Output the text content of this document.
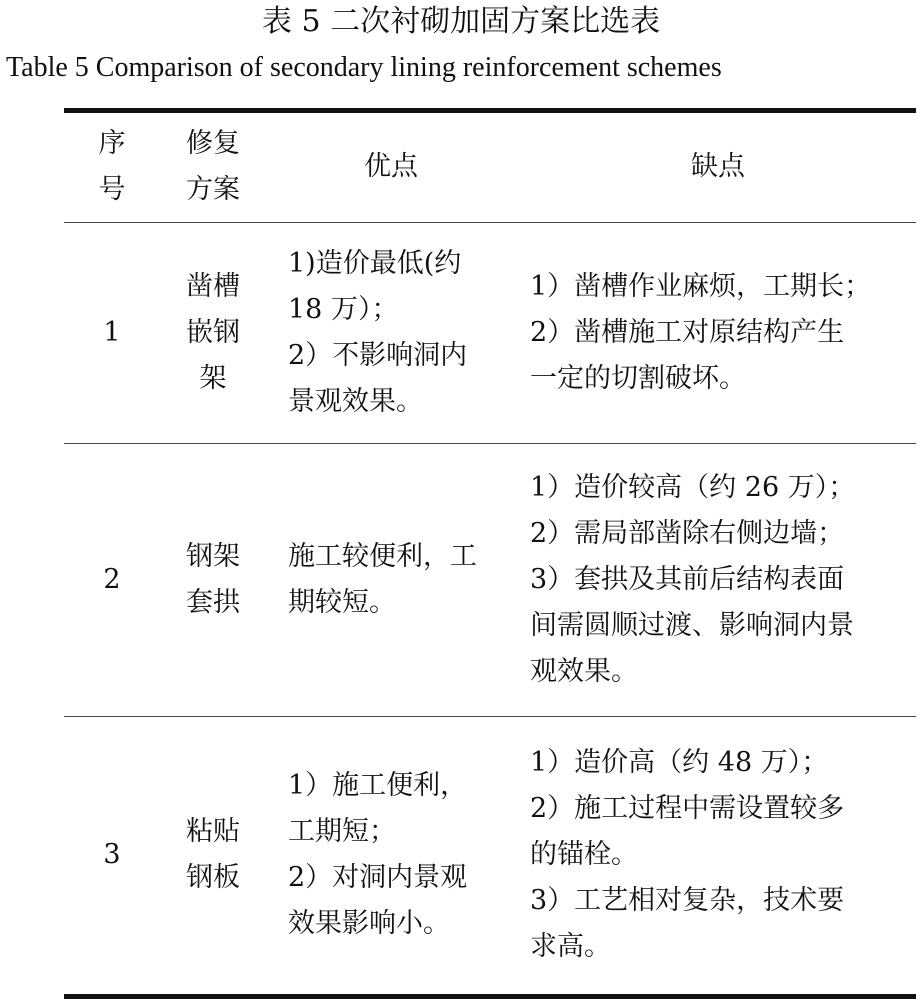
表 5 二次衬砌加固方案比选表
Table 5 Comparison of secondary lining reinforcement schemes
序
号
修复
方案
优点	缺点
1
凿槽
嵌钢
架
1)造价最低(约
18 万）；
2）不影响洞内
景观效果。
1）凿槽作业麻烦，工期长；
2）凿槽施工对原结构产生
一定的切割破坏。
2
钢架
套拱
施工较便利，工
期较短。
1）造价较高（约 26 万）；
2）需局部凿除右侧边墙；
3）套拱及其前后结构表面
间需圆顺过渡、影响洞内景
观效果。
3
粘贴
钢板
1）施工便利，
工期短；
2）对洞内景观
效果影响小。
1）造价高（约 48 万）；
2）施工过程中需设置较多
的锚栓。
3）工艺相对复杂，技术要
求高。
